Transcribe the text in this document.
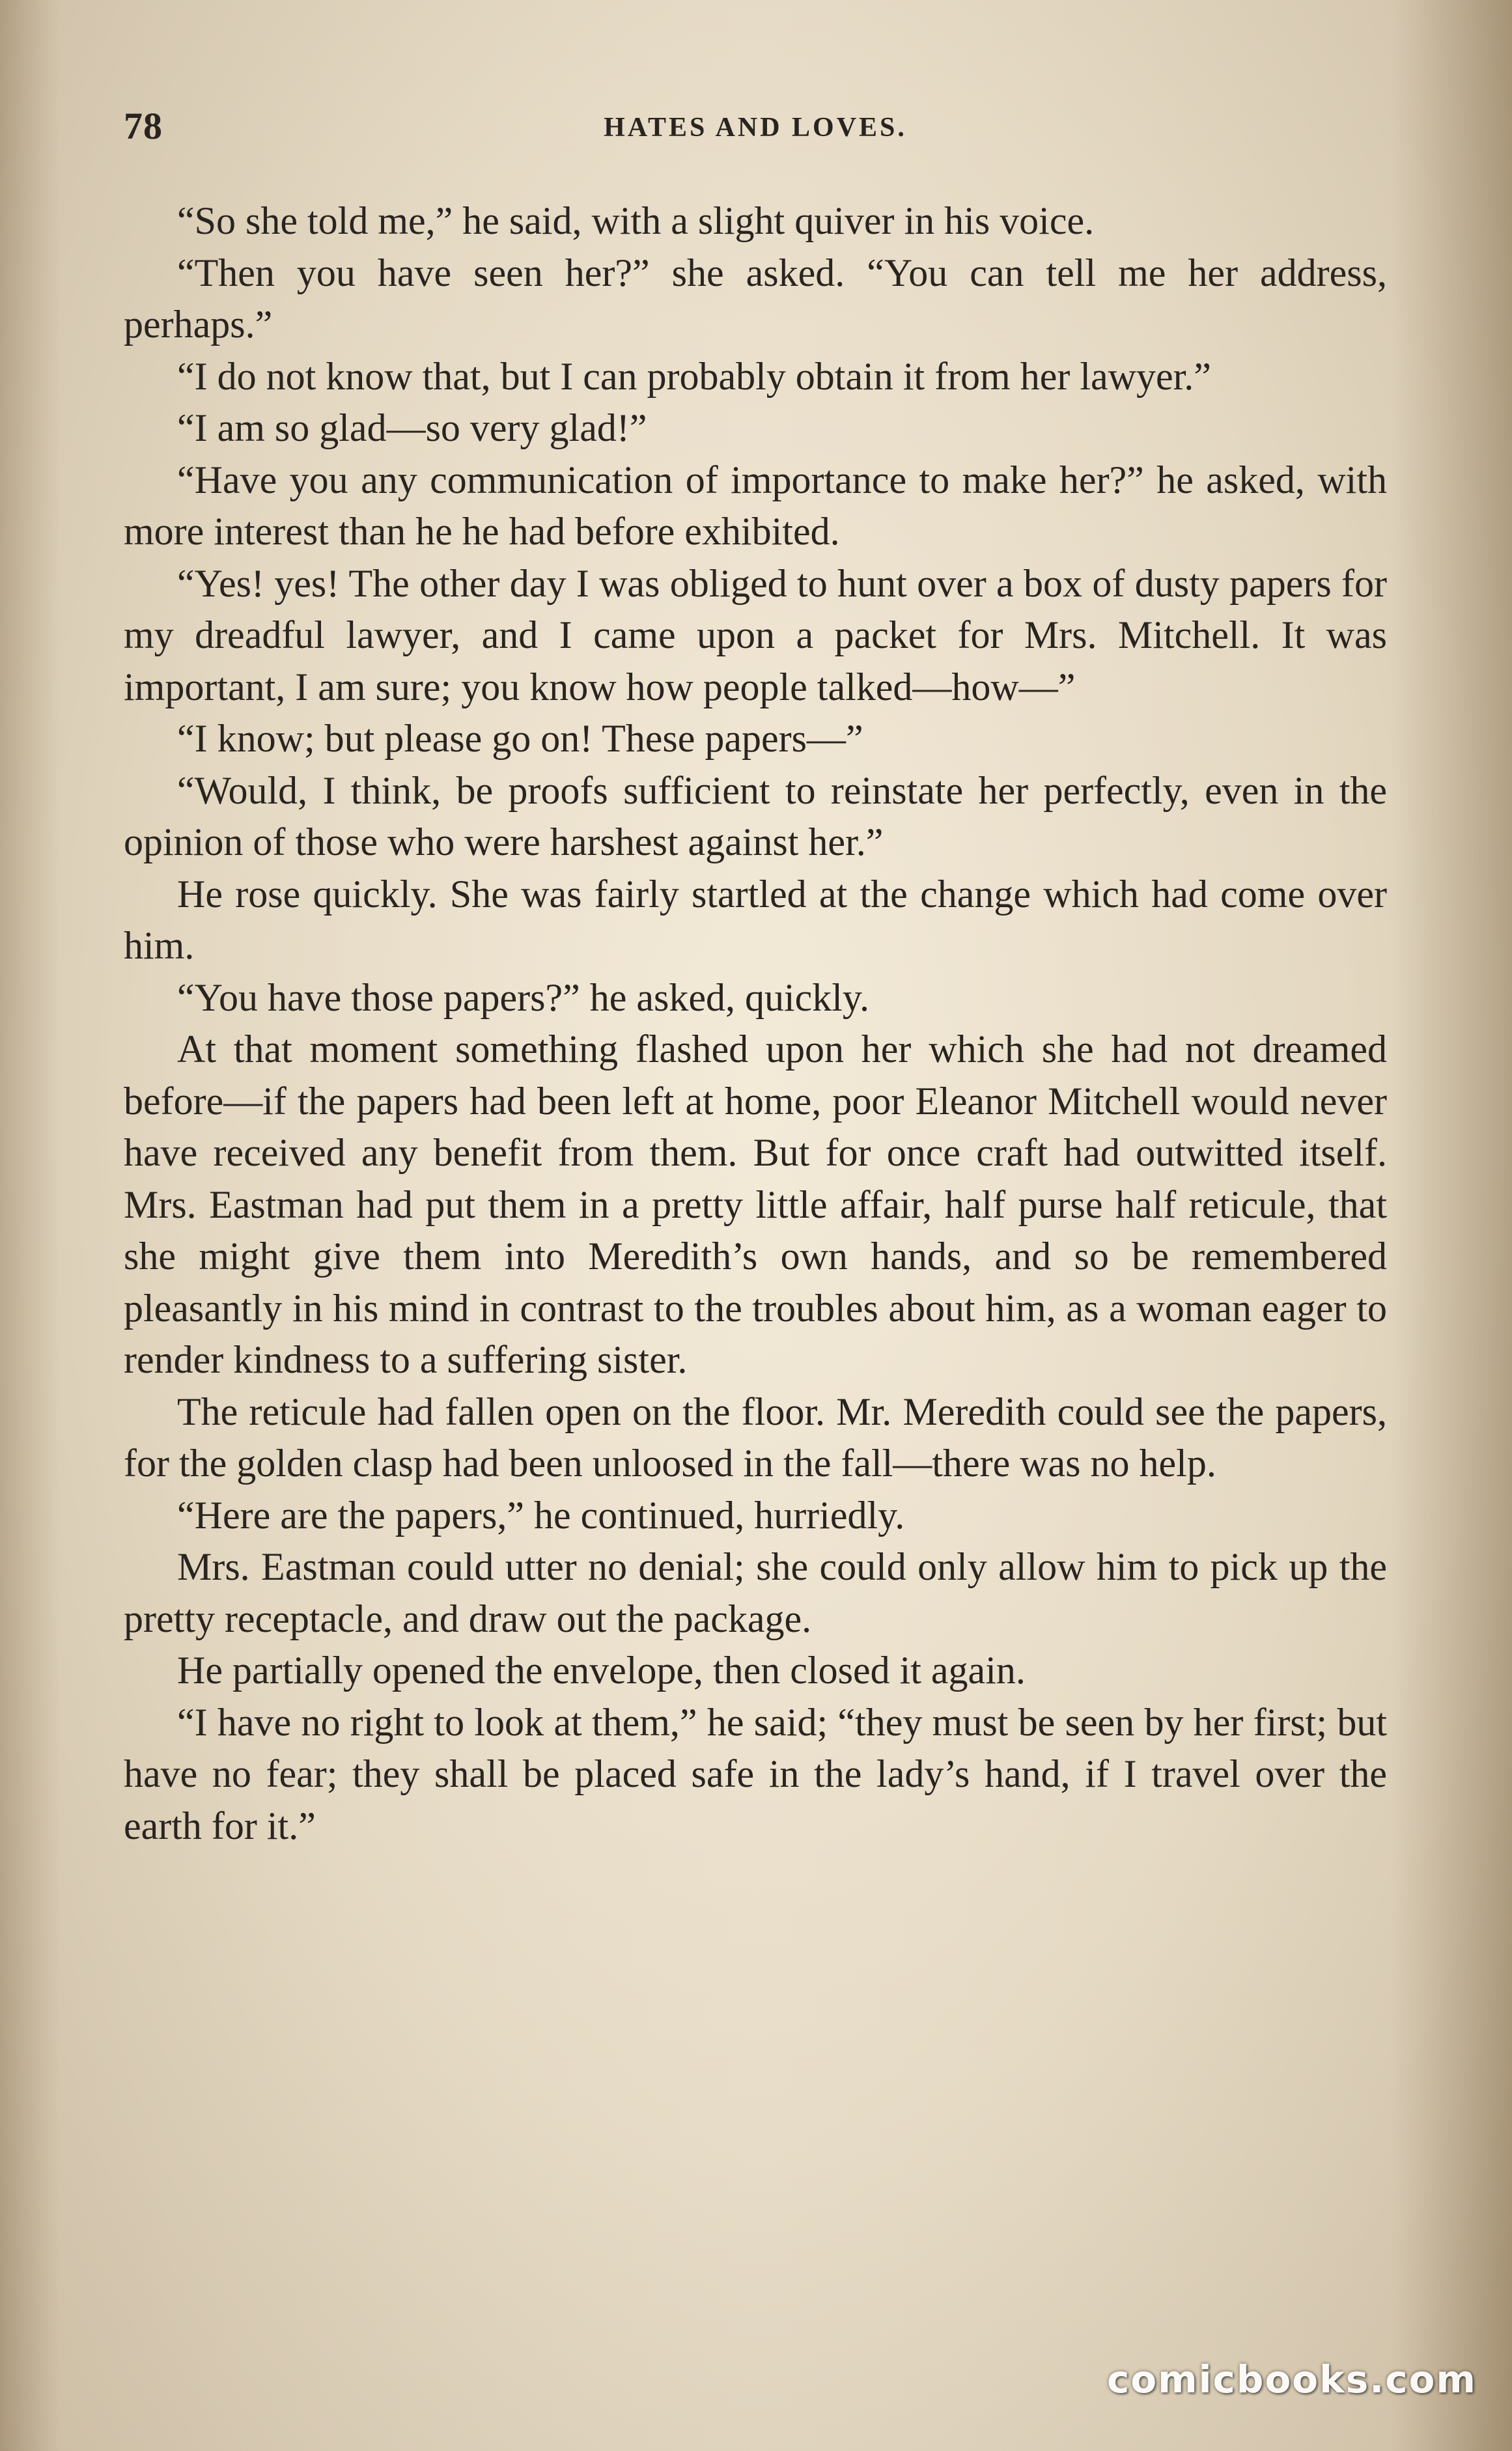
78	HATES AND LOVES.

“So she told me,” he said, with a slight quiver in his voice.

“Then you have seen her?” she asked. “You can tell me her address, perhaps.”

“I do not know that, but I can probably obtain it from her lawyer.”

“I am so glad—so very glad!”

“Have you any communication of importance to make her?” he asked, with more interest than he he had before exhibited.

“Yes! yes! The other day I was obliged to hunt over a box of dusty papers for my dreadful lawyer, and I came upon a packet for Mrs. Mitchell. It was important, I am sure; you know how people talked—how—”

“I know; but please go on! These papers—”

“Would, I think, be proofs sufficient to reinstate her perfectly, even in the opinion of those who were harshest against her.”

He rose quickly. She was fairly startled at the change which had come over him.

“You have those papers?” he asked, quickly.

At that moment something flashed upon her which she had not dreamed before—if the papers had been left at home, poor Eleanor Mitchell would never have received any benefit from them. But for once craft had outwitted itself. Mrs. Eastman had put them in a pretty little affair, half purse half reticule, that she might give them into Meredith’s own hands, and so be remembered pleasantly in his mind in contrast to the troubles about him, as a woman eager to render kindness to a suffering sister.

The reticule had fallen open on the floor. Mr. Meredith could see the papers, for the golden clasp had been unloosed in the fall—there was no help.

“Here are the papers,” he continued, hurriedly.

Mrs. Eastman could utter no denial; she could only allow him to pick up the pretty receptacle, and draw out the package.

He partially opened the envelope, then closed it again.

“I have no right to look at them,” he said; “they must be seen by her first; but have no fear; they shall be placed safe in the lady’s hand, if I travel over the earth for it.”

comicbooks.com
